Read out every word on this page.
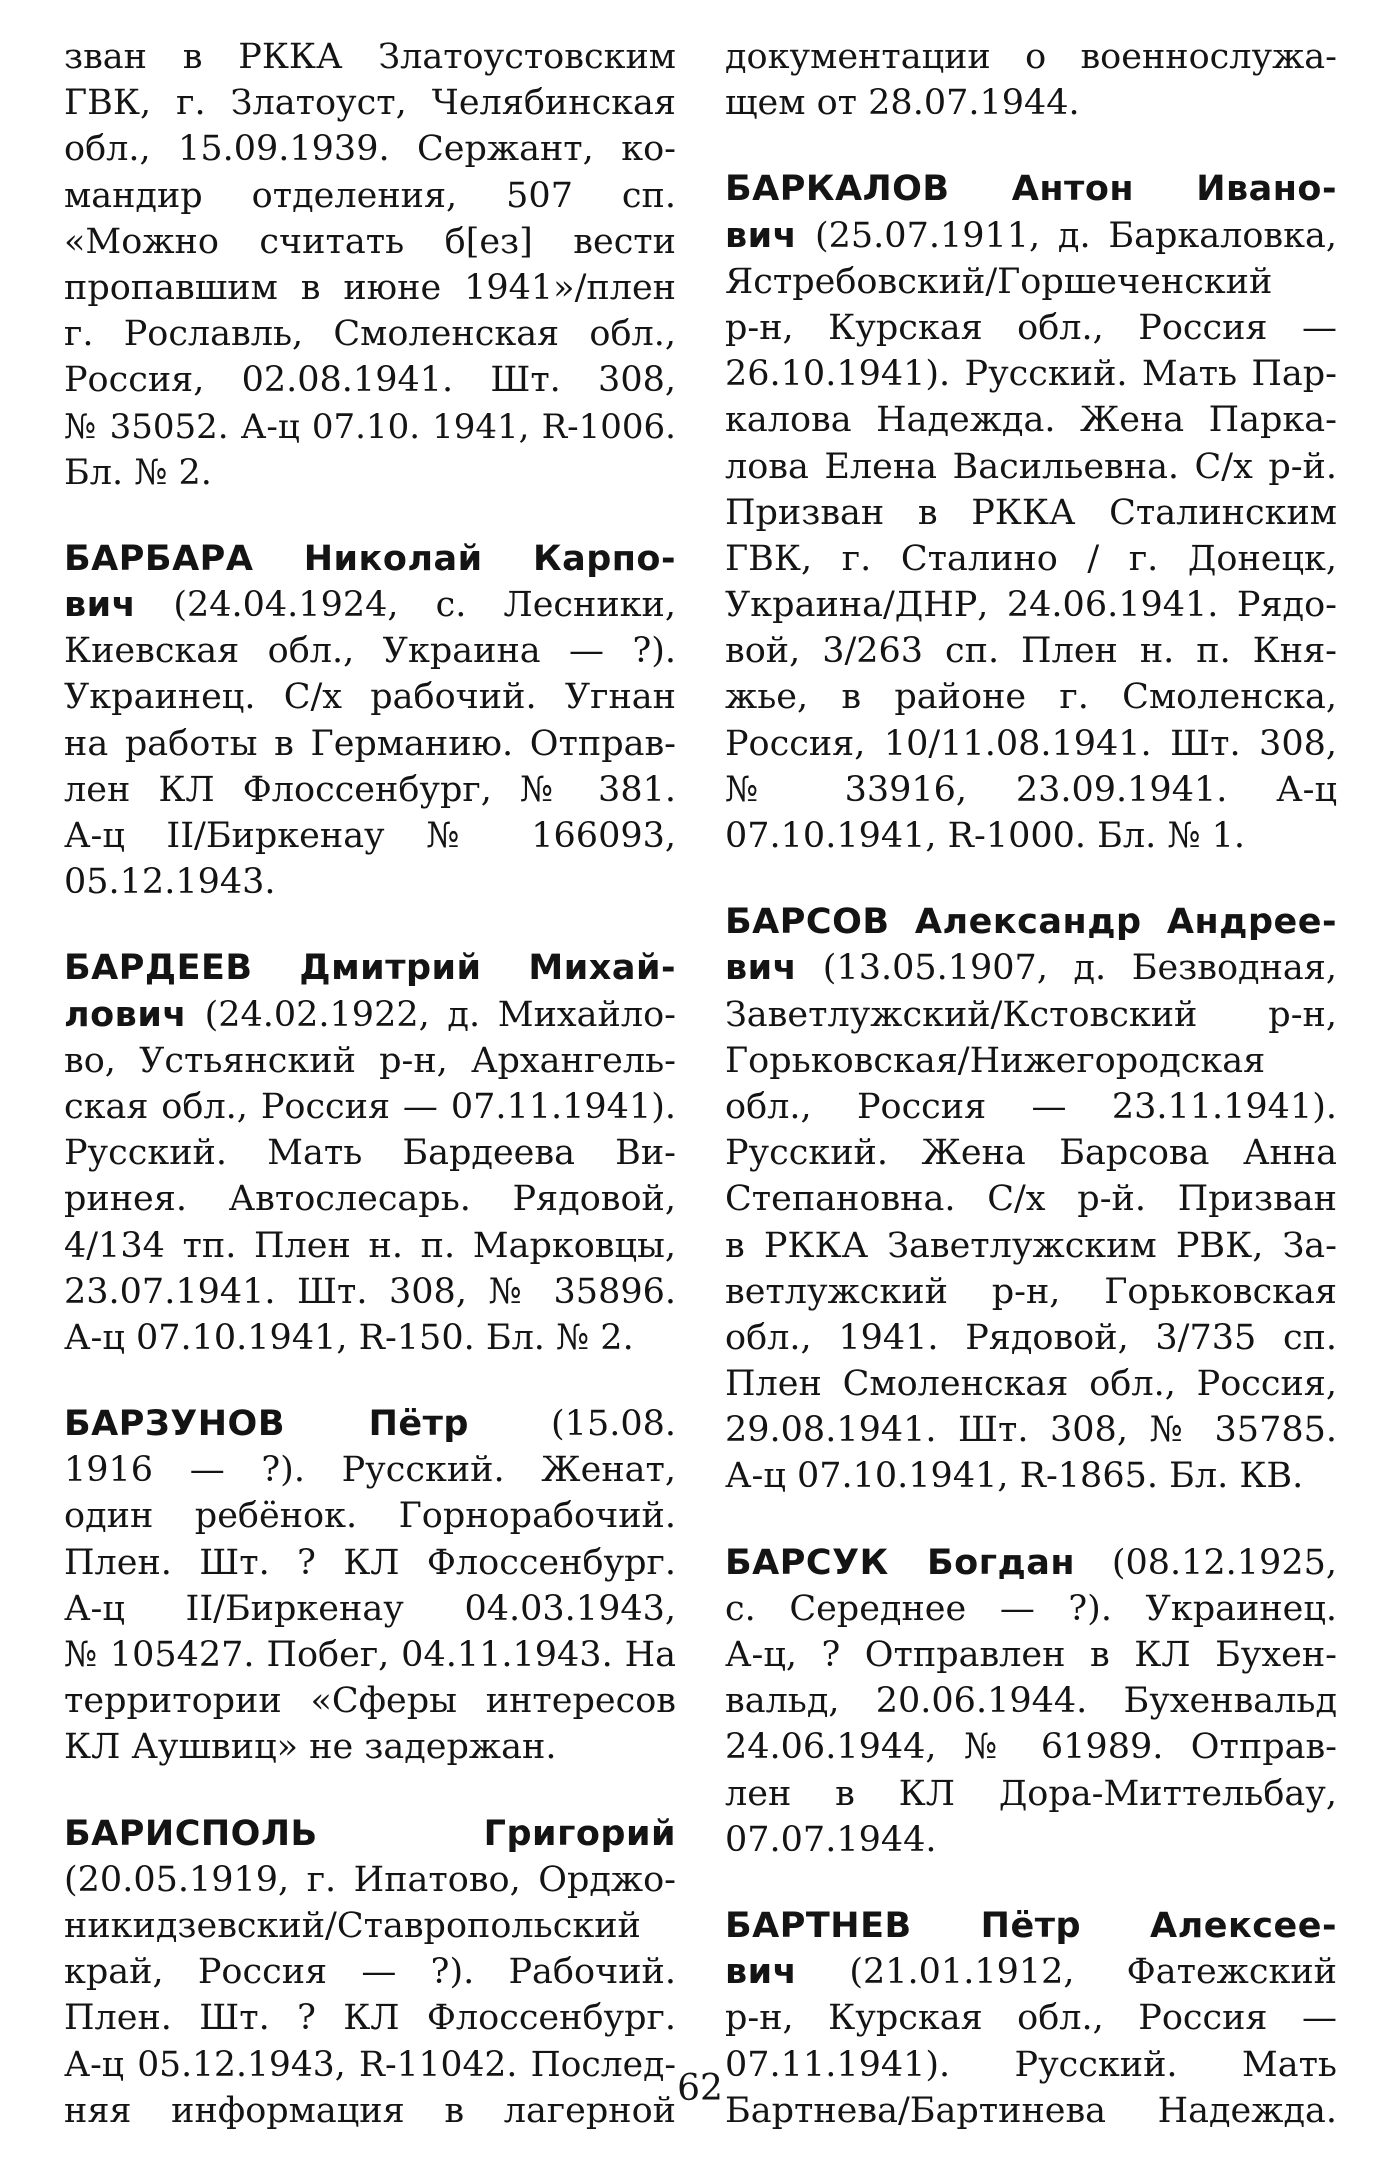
зван в РККА Златоустовским
ГВК, г. Златоуст, Челябинская
обл., 15.09.1939. Сержант, ко-
мандир отделения, 507 сп.
«Можно считать б[ез] вести
пропавшим в июне 1941»/плен
г. Рославль, Смоленская обл.,
Россия, 02.08.1941. Шт. 308,
№ 35052. А-ц 07.10. 1941, R-1006.
Бл. № 2.
БАРБАРА Николай Карпо-
вич (24.04.1924, с. Лесники,
Киевская обл., Украина — ?).
Украинец. С/х рабочий. Угнан
на работы в Германию. Отправ-
лен КЛ Флоссенбург, № 381.
А-ц II/Биркенау № 166093,
05.12.1943.
БАРДЕЕВ Дмитрий Михай-
лович (24.02.1922, д. Михайло-
во, Устьянский р-н, Архангель-
ская обл., Россия — 07.11.1941).
Русский. Мать Бардеева Ви-
ринея. Автослесарь. Рядовой,
4/134 тп. Плен н. п. Марковцы,
23.07.1941. Шт. 308, № 35896.
А-ц 07.10.1941, R-150. Бл. № 2.
БАРЗУНОВ Пётр (15.08.
1916 — ?). Русский. Женат,
один ребёнок. Горнорабочий.
Плен. Шт. ? КЛ Флоссенбург.
А-ц II/Биркенау 04.03.1943,
№ 105427. Побег, 04.11.1943. На
территории «Сферы интересов
КЛ Аушвиц» не задержан.
БАРИСПОЛЬ Григорий
(20.05.1919, г. Ипатово, Орджо-
никидзевский/Ставропольский
край, Россия — ?). Рабочий.
Плен. Шт. ? КЛ Флоссенбург.
А-ц 05.12.1943, R-11042. Послед-
няя информация в лагерной
документации о военнослужа-
щем от 28.07.1944.
БАРКАЛОВ Антон Ивано-
вич (25.07.1911, д. Баркаловка,
Ястребовский/Горшеченский
р-н, Курская обл., Россия —
26.10.1941). Русский. Мать Пар-
калова Надежда. Жена Парка-
лова Елена Васильевна. С/х р-й.
Призван в РККА Сталинским
ГВК, г. Сталино / г. Донецк,
Украина/ДНР, 24.06.1941. Рядо-
вой, 3/263 сп. Плен н. п. Кня-
жье, в районе г. Смоленска,
Россия, 10/11.08.1941. Шт. 308,
№ 33916, 23.09.1941. А-ц
07.10.1941, R-1000. Бл. № 1.
БАРСОВ Александр Андрее-
вич (13.05.1907, д. Безводная,
Заветлужский/Кстовский р-н,
Горьковская/Нижегородская
обл., Россия — 23.11.1941).
Русский. Жена Барсова Анна
Степановна. С/х р-й. Призван
в РККА Заветлужским РВК, За-
ветлужский р-н, Горьковская
обл., 1941. Рядовой, 3/735 сп.
Плен Смоленская обл., Россия,
29.08.1941. Шт. 308, № 35785.
А-ц 07.10.1941, R-1865. Бл. КВ.
БАРСУК Богдан (08.12.1925,
с. Середнее — ?). Украинец.
А-ц, ? Отправлен в КЛ Бухен-
вальд, 20.06.1944. Бухенвальд
24.06.1944, № 61989. Отправ-
лен в КЛ Дора-Миттельбау,
07.07.1944.
БАРТНЕВ Пётр Алексее-
вич (21.01.1912, Фатежский
р-н, Курская обл., Россия —
07.11.1941). Русский. Мать
Бартнева/Бартинева Надежда.
62
